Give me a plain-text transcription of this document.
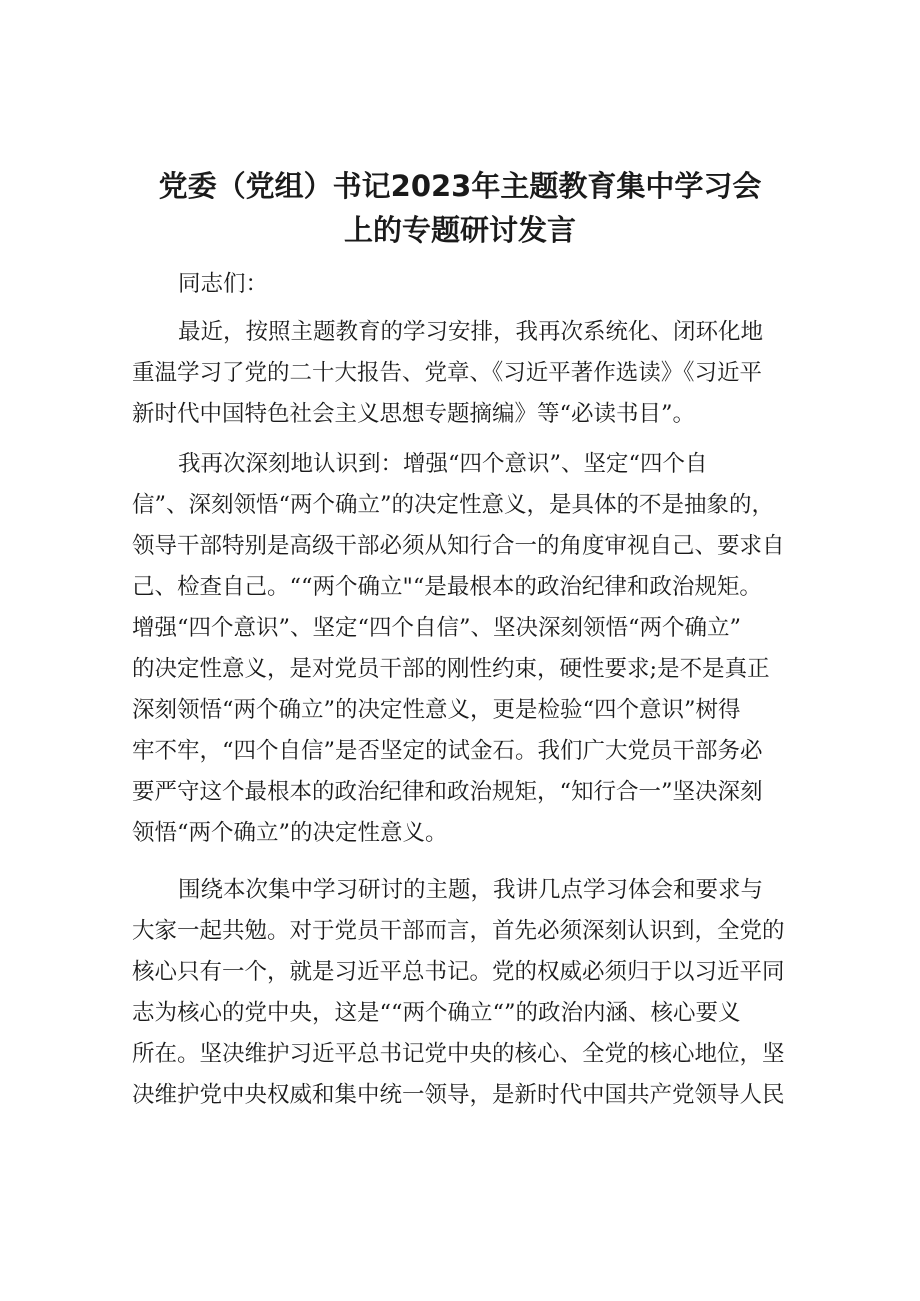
党委（党组）书记2023年主题教育集中学习会
上的专题研讨发言
同志们：
最近，按照主题教育的学习安排，我再次系统化、闭环化地
重温学习了党的二十大报告、党章、《习近平著作选读》《习近平
新时代中国特色社会主义思想专题摘编》等“必读书目”。
我再次深刻地认识到：增强“四个意识”、坚定“四个自
信”、深刻领悟“两个确立”的决定性意义，是具体的不是抽象的，
领导干部特别是高级干部必须从知行合一的角度审视自己、要求自
己、检查自己。““两个确立"“是最根本的政治纪律和政治规矩。
增强“四个意识”、坚定“四个自信”、坚决深刻领悟“两个确立”
的决定性意义，是对党员干部的刚性约束，硬性要求;是不是真正
深刻领悟“两个确立”的决定性意义，更是检验“四个意识”树得
牢不牢，“四个自信”是否坚定的试金石。我们广大党员干部务必
要严守这个最根本的政治纪律和政治规矩，“知行合一”坚决深刻
领悟“两个确立”的决定性意义。
围绕本次集中学习研讨的主题，我讲几点学习体会和要求与
大家一起共勉。对于党员干部而言，首先必须深刻认识到，全党的
核心只有一个，就是习近平总书记。党的权威必须归于以习近平同
志为核心的党中央，这是““两个确立“”的政治内涵、核心要义
所在。坚决维护习近平总书记党中央的核心、全党的核心地位，坚
决维护党中央权威和集中统一领导，是新时代中国共产党领导人民
